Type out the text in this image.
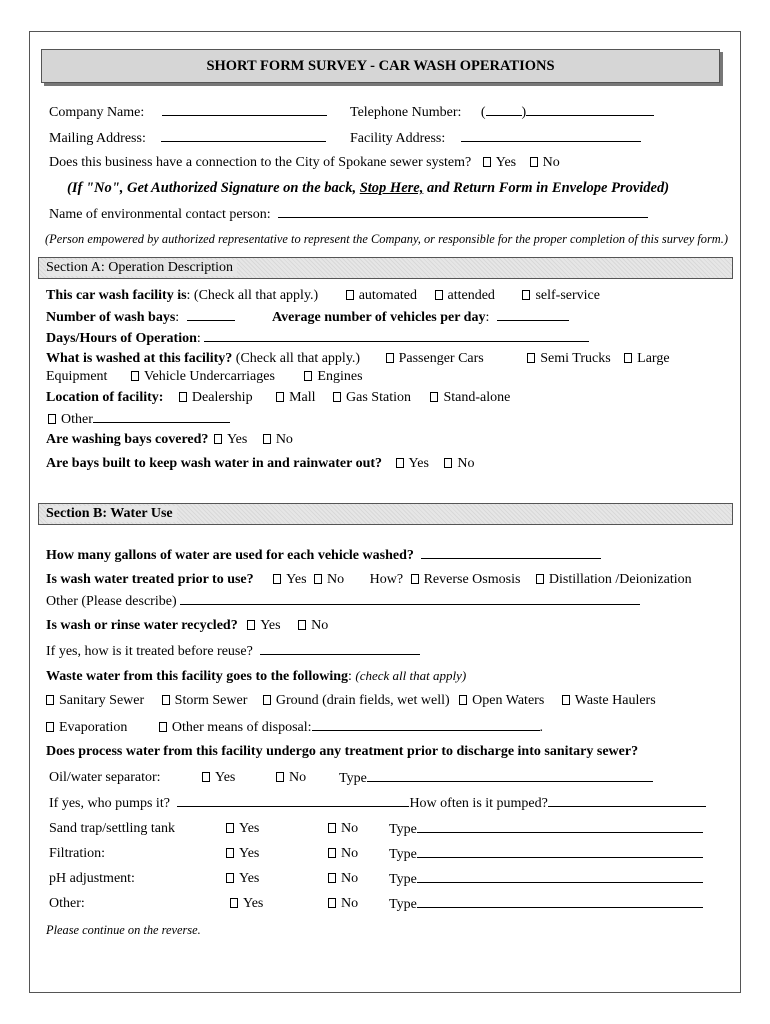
SHORT FORM SURVEY - CAR WASH OPERATIONS
Company Name:	Telephone Number: (	)
Mailing Address:	Facility Address:
Does this business have a connection to the City of Spokane sewer system? Yes No
(If "No", Get Authorized Signature on the back, Stop Here, and Return Form in Envelope Provided)
Name of environmental contact person:
(Person empowered by authorized representative to represent the Company, or responsible for the proper completion of this survey form.)
Section A: Operation Description
This car wash facility is: (Check all that apply.)	automated attended	self-service
Number of wash bays:	Average number of vehicles per day:
Days/Hours of Operation:
What is washed at this facility? (Check all that apply.)	Passenger Cars	Semi Trucks Large
Equipment	Vehicle Undercarriages	Engines
Location of facility: Dealership	Mall Gas Station Stand-alone
Other
Are washing bays covered? Yes No
Are bays built to keep wash water in and rainwater out? Yes No
Section B: Water Use
How many gallons of water are used for each vehicle washed?
Is wash water treated prior to use? Yes No How? Reverse Osmosis Distillation /Deionization
Other (Please describe)
Is wash or rinse water recycled? Yes No
If yes, how is it treated before reuse?
Waste water from this facility goes to the following: (check all that apply)
Sanitary Sewer Storm Sewer Ground (drain fields, wet well) Open Waters Waste Haulers
Evaporation	Other means of disposal:	.
Does process water from this facility undergo any treatment prior to discharge into sanitary sewer?
Oil/water separator:	Yes	No Type
If yes, who pumps it?	How often is it pumped?
Sand trap/settling tank	Yes	No Type
Filtration:	Yes	No Type
pH adjustment:	Yes	No Type
Other:	Yes	No Type
Please continue on the reverse.
